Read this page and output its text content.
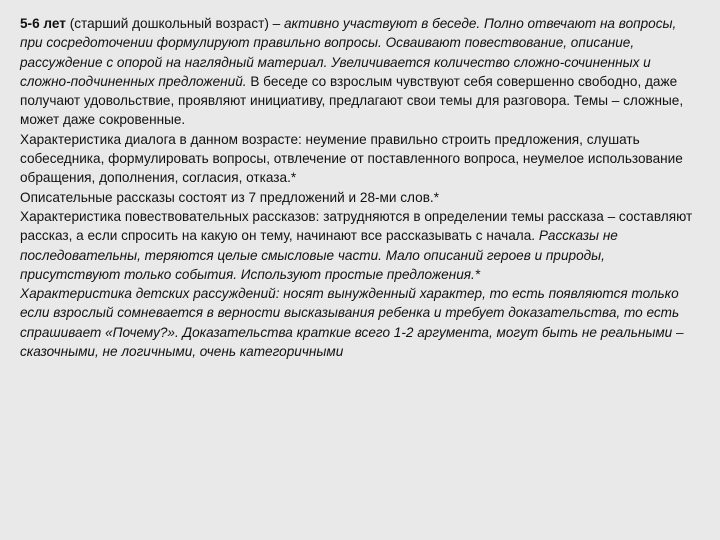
5-6 лет (старший дошкольный возраст) – активно участвуют в беседе. Полно отвечают на вопросы, при сосредоточении формулируют правильно вопросы. Осваивают повествование, описание, рассуждение с опорой на наглядный материал. Увеличивается количество сложно-сочиненных и сложно-подчиненных предложений. В беседе со взрослым чувствуют себя совершенно свободно, даже получают удовольствие, проявляют инициативу, предлагают свои темы для разговора. Темы – сложные, может даже сокровенные.

Характеристика диалога в данном возрасте: неумение правильно строить предложения, слушать собеседника, формулировать вопросы, отвлечение от поставленного вопроса, неумелое использование обращения, дополнения, согласия, отказа.*

Описательные рассказы состоят из 7 предложений и 28-ми слов.*

Характеристика повествовательных рассказов: затрудняются в определении темы рассказа – составляют рассказ, а если спросить на какую он тему, начинают все рассказывать с начала. Рассказы не последовательны, теряются целые смысловые части. Мало описаний героев и природы, присутствуют только события. Используют простые предложения.*

Характеристика детских рассуждений: носят вынужденный характер, то есть появляются только если взрослый сомневается в верности высказывания ребенка и требует доказательства, то есть спрашивает «Почему?». Доказательства краткие всего 1-2 аргумента, могут быть не реальными – сказочными, не логичными, очень категоричными
